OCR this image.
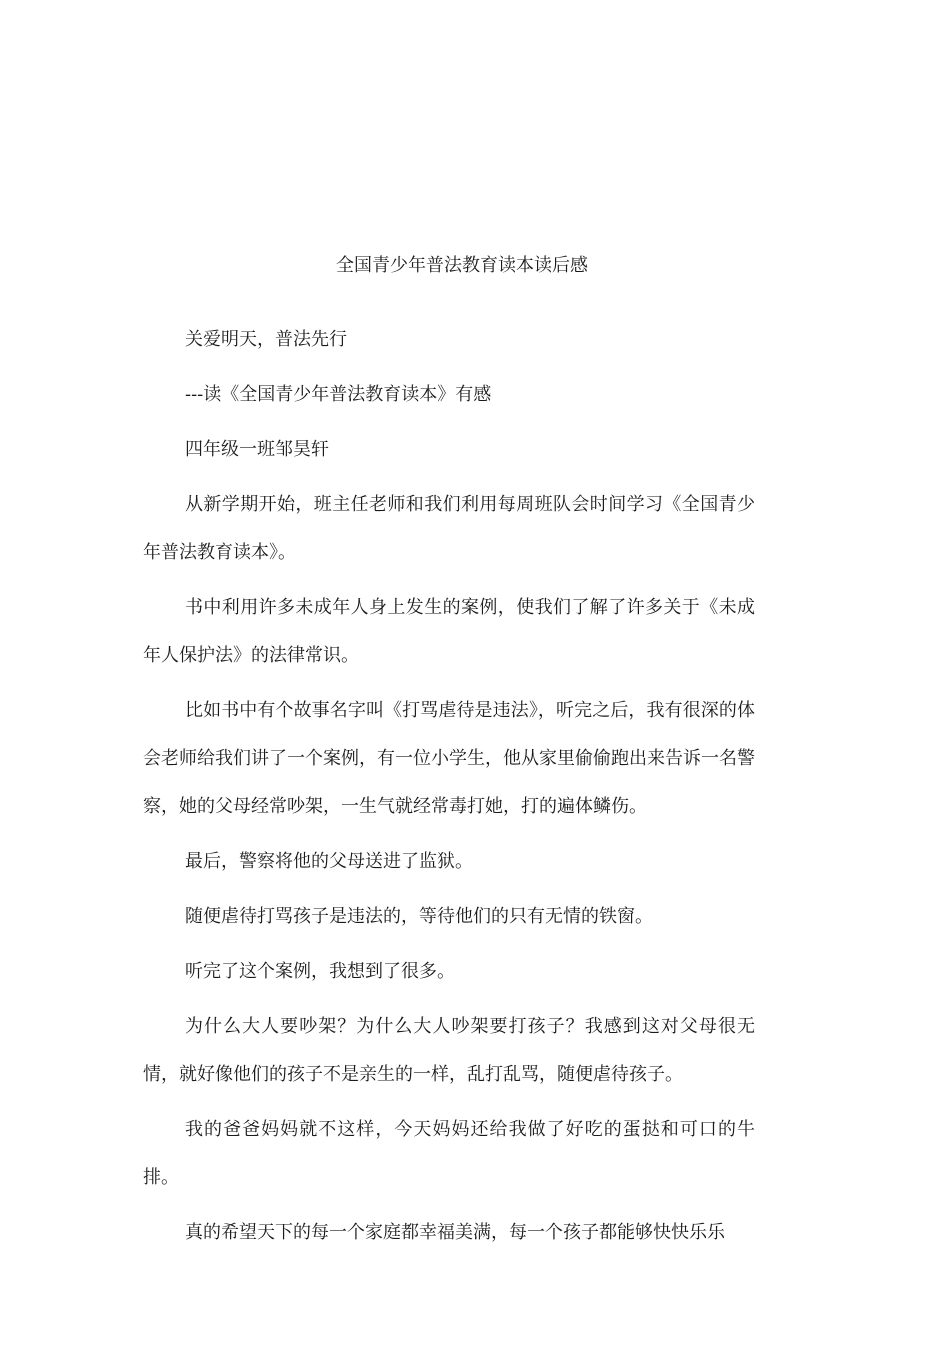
全国青少年普法教育读本读后感

关爱明天，普法先行

---读《全国青少年普法教育读本》有感

四年级一班邹昊轩

从新学期开始，班主任老师和我们利用每周班队会时间学习《全国青少年普法教育读本》。

书中利用许多未成年人身上发生的案例，使我们了解了许多关于《未成年人保护法》的法律常识。

比如书中有个故事名字叫《打骂虐待是违法》，听完之后，我有很深的体会老师给我们讲了一个案例，有一位小学生，他从家里偷偷跑出来告诉一名警察，她的父母经常吵架，一生气就经常毒打她，打的遍体鳞伤。

最后，警察将他的父母送进了监狱。

随便虐待打骂孩子是违法的，等待他们的只有无情的铁窗。

听完了这个案例，我想到了很多。

为什么大人要吵架？为什么大人吵架要打孩子？我感到这对父母很无情，就好像他们的孩子不是亲生的一样，乱打乱骂，随便虐待孩子。

我的爸爸妈妈就不这样，今天妈妈还给我做了好吃的蛋挞和可口的牛排。

真的希望天下的每一个家庭都幸福美满，每一个孩子都能够快快乐乐
